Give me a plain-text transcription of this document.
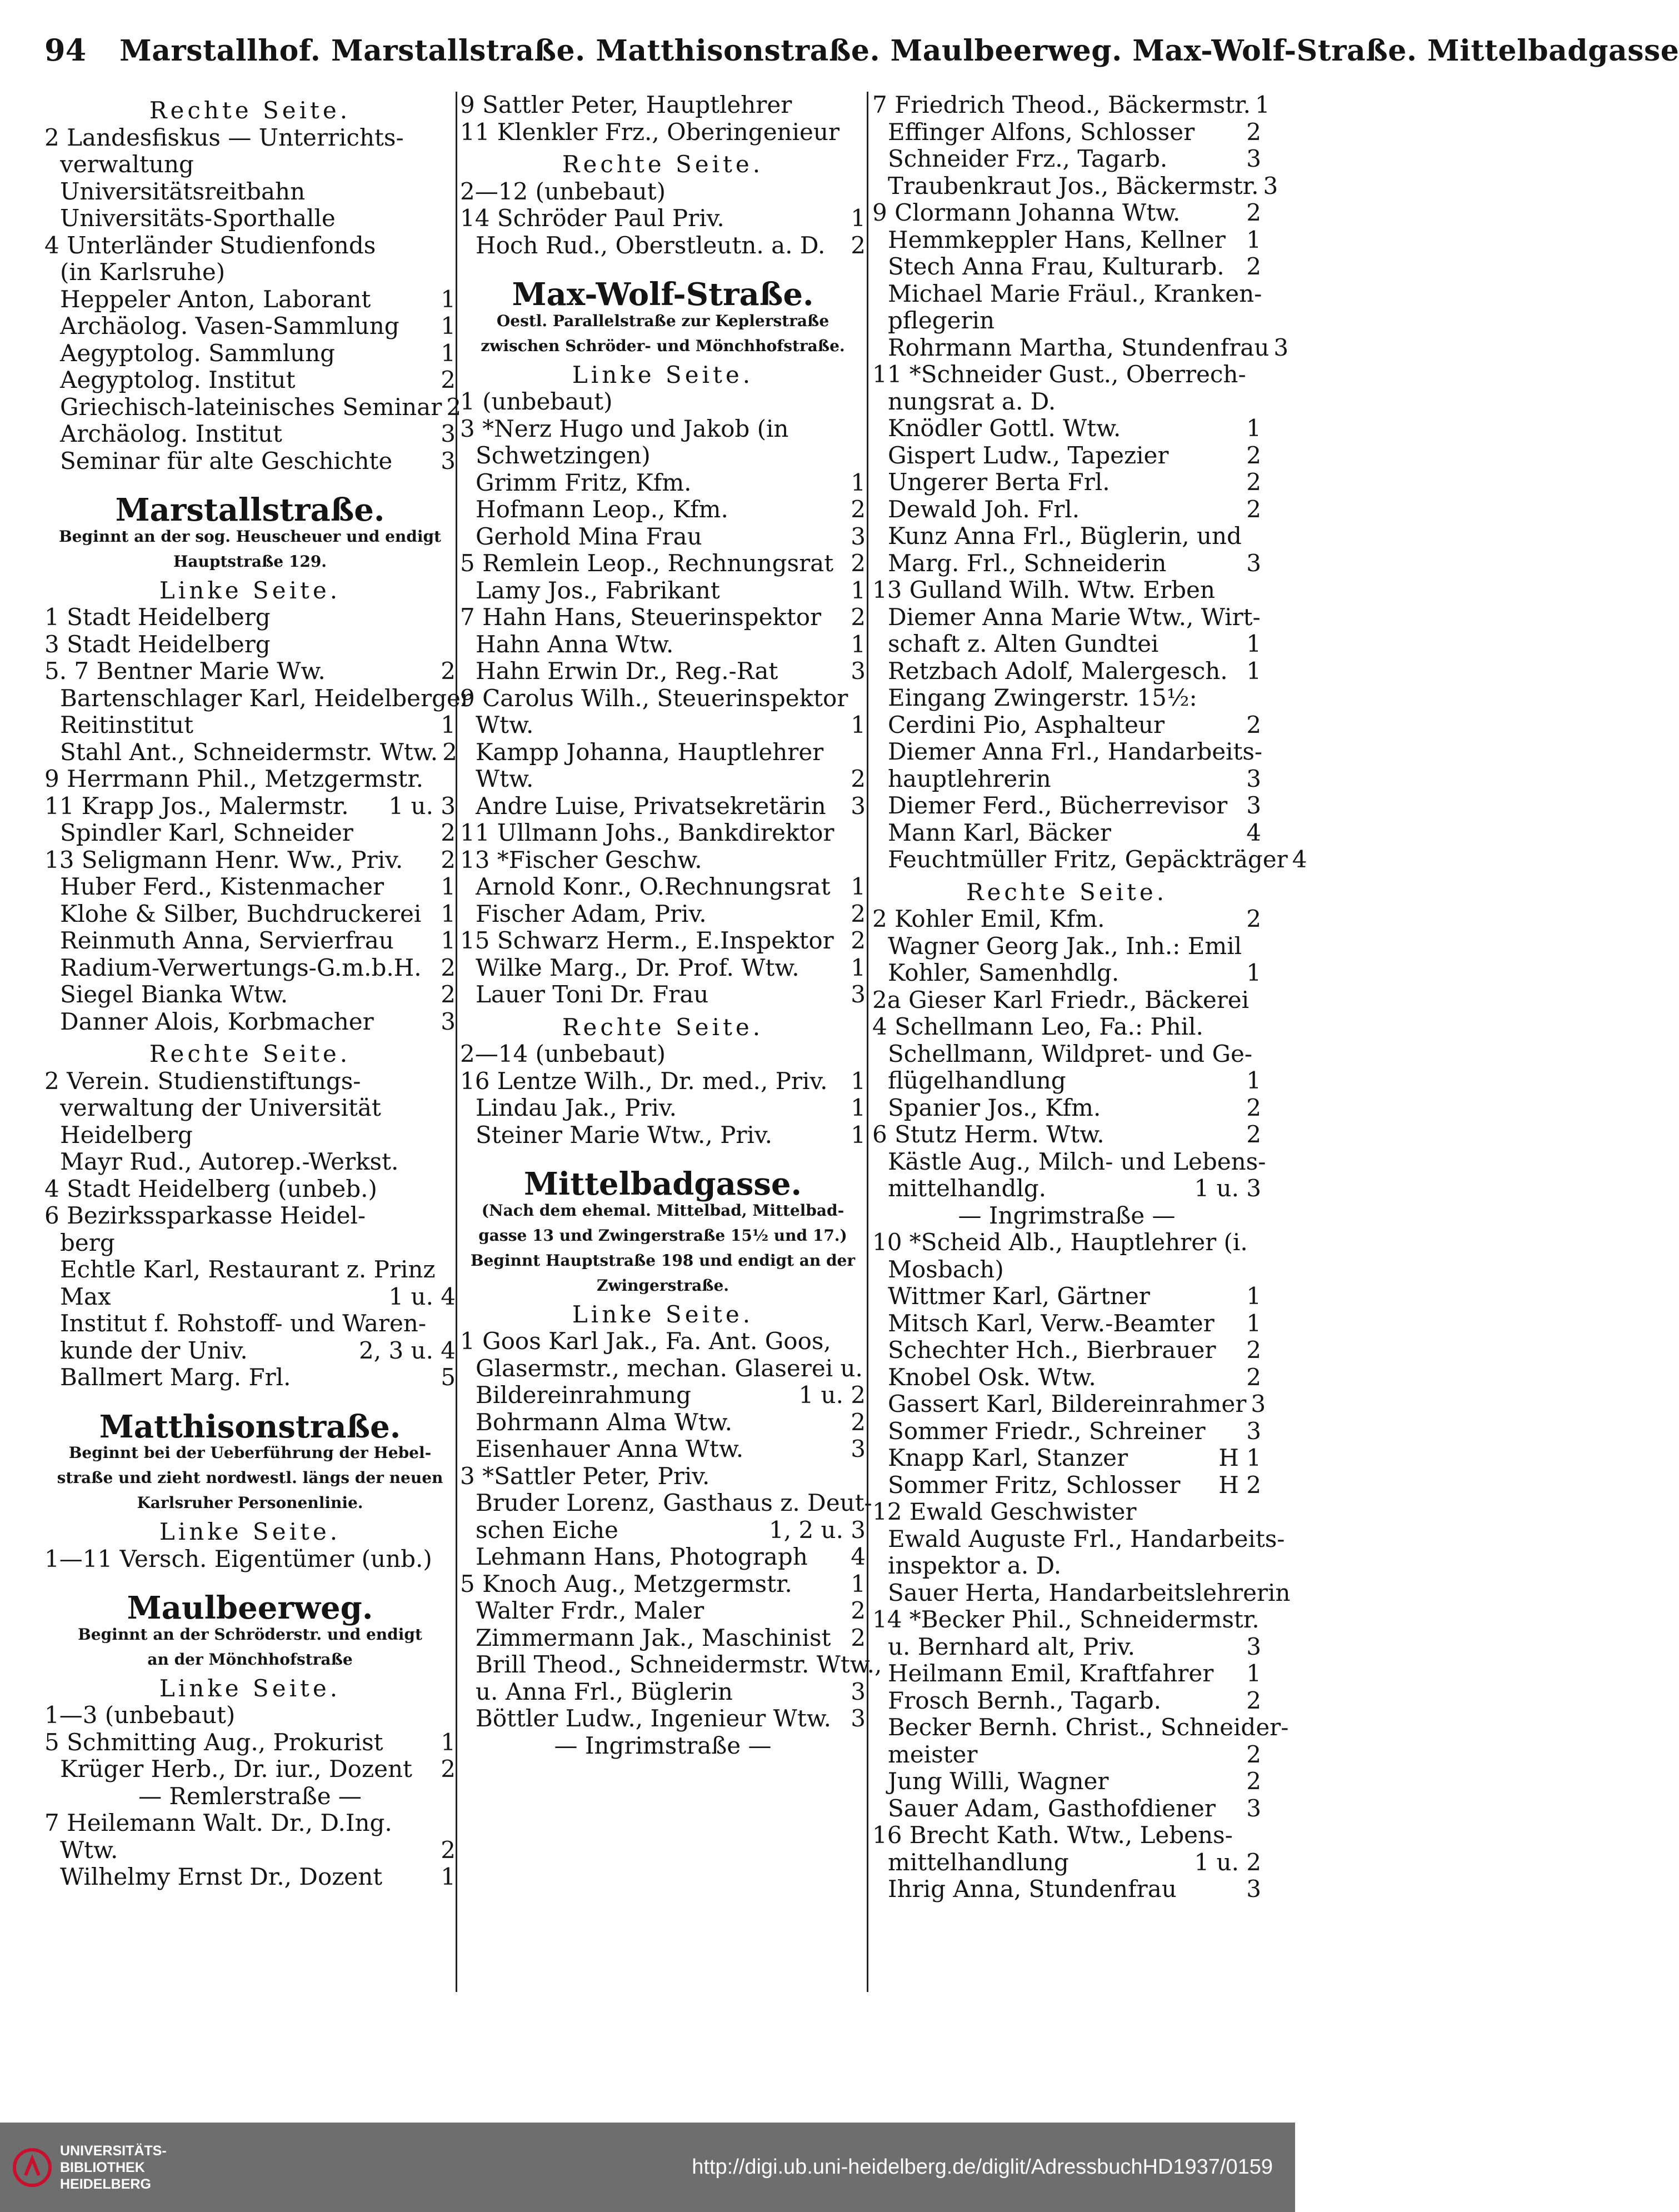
94 Marstallhof. Marstallstraße. Matthisonstraße. Maulbeerweg. Max-Wolf-Straße. Mittelbadgasse
Rechte Seite.
2 Landesfiskus — Unterrichts-
verwaltung
Universitätsreitbahn
Universitäts-Sporthalle
4 Unterländer Studienfonds
(in Karlsruhe)
Heppeler Anton, Laborant	1
Archäolog. Vasen-Sammlung	1
Aegyptolog. Sammlung	1
Aegyptolog. Institut	2
Griechisch-lateinisches Seminar 2
Archäolog. Institut	3
Seminar für alte Geschichte	3
Marstallstraße.
Beginnt an der sog. Heuscheuer und endigt
Hauptstraße 129.
Linke Seite.
1 Stadt Heidelberg
3 Stadt Heidelberg
5. 7 Bentner Marie Ww.	2
Bartenschlager Karl, Heidelberger
Reitinstitut	1
Stahl Ant., Schneidermstr. Wtw. 2
9 Herrmann Phil., Metzgermstr.
11 Krapp Jos., Malermstr.	1 u. 3
Spindler Karl, Schneider	2
13 Seligmann Henr. Ww., Priv.	2
Huber Ferd., Kistenmacher	1
Klohe & Silber, Buchdruckerei 1
Reinmuth Anna, Servierfrau	1
Radium-Verwertungs-G.m.b.H. 2
Siegel Bianka Wtw.	2
Danner Alois, Korbmacher	3
Rechte Seite.
2 Verein. Studienstiftungs-
verwaltung der Universität
Heidelberg
Mayr Rud., Autorep.-Werkst.
4 Stadt Heidelberg (unbeb.)
6 Bezirkssparkasse Heidel-
berg
Echtle Karl, Restaurant z. Prinz
Max	1 u. 4
Institut f. Rohstoff- und Waren-
kunde der Univ.	2, 3 u. 4
Ballmert Marg. Frl.	5
Matthisonstraße.
Beginnt bei der Ueberführung der Hebel-
straße und zieht nordwestl. längs der neuen
Karlsruher Personenlinie.
Linke Seite.
1—11 Versch. Eigentümer (unb.)
Maulbeerweg.
Beginnt an der Schröderstr. und endigt
an der Mönchhofstraße
Linke Seite.
1—3 (unbebaut)
5 Schmitting Aug., Prokurist	1
Krüger Herb., Dr. iur., Dozent	2
— Remlerstraße —
7 Heilemann Walt. Dr., D.Ing.
Wtw.	2
Wilhelmy Ernst Dr., Dozent	1
9 Sattler Peter, Hauptlehrer
11 Klenkler Frz., Oberingenieur
Rechte Seite.
2—12 (unbebaut)
14 Schröder Paul Priv.	1
Hoch Rud., Oberstleutn. a. D.	2
Max-Wolf-Straße.
Oestl. Parallelstraße zur Keplerstraße
zwischen Schröder- und Mönchhofstraße.
Linke Seite.
1 (unbebaut)
3 *Nerz Hugo und Jakob (in
Schwetzingen)
Grimm Fritz, Kfm.	1
Hofmann Leop., Kfm.	2
Gerhold Mina Frau	3
5 Remlein Leop., Rechnungsrat 2
Lamy Jos., Fabrikant	1
7 Hahn Hans, Steuerinspektor	2
Hahn Anna Wtw.	1
Hahn Erwin Dr., Reg.-Rat	3
9 Carolus Wilh., Steuerinspektor
Wtw.	1
Kampp Johanna, Hauptlehrer
Wtw.	2
Andre Luise, Privatsekretärin	3
11 Ullmann Johs., Bankdirektor
13 *Fischer Geschw.
Arnold Konr., O.Rechnungsrat 1
Fischer Adam, Priv.	2
15 Schwarz Herm., E.Inspektor 2
Wilke Marg., Dr. Prof. Wtw.	1
Lauer Toni Dr. Frau	3
Rechte Seite.
2—14 (unbebaut)
16 Lentze Wilh., Dr. med., Priv. 1
Lindau Jak., Priv.	1
Steiner Marie Wtw., Priv.	1
Mittelbadgasse.
(Nach dem ehemal. Mittelbad, Mittelbad-
gasse 13 und Zwingerstraße 15½ und 17.)
Beginnt Hauptstraße 198 und endigt an der
Zwingerstraße.
Linke Seite.
1 Goos Karl Jak., Fa. Ant. Goos,
Glasermstr., mechan. Glaserei u.
Bildereinrahmung	1 u. 2
Bohrmann Alma Wtw.	2
Eisenhauer Anna Wtw.	3
3 *Sattler Peter, Priv.
Bruder Lorenz, Gasthaus z. Deut-
schen Eiche	1, 2 u. 3
Lehmann Hans, Photograph	4
5 Knoch Aug., Metzgermstr.	1
Walter Frdr., Maler	2
Zimmermann Jak., Maschinist 2
Brill Theod., Schneidermstr. Wtw.,
u. Anna Frl., Büglerin	3
Böttler Ludw., Ingenieur Wtw. 3
— Ingrimstraße —
7 Friedrich Theod., Bäckermstr. 1
Effinger Alfons, Schlosser	2
Schneider Frz., Tagarb.	3
Traubenkraut Jos., Bäckermstr. 3
9 Clormann Johanna Wtw.	2
Hemmkeppler Hans, Kellner 1
Stech Anna Frau, Kulturarb. 2
Michael Marie Fräul., Kranken-
pflegerin
Rohrmann Martha, Stundenfrau 3
11 *Schneider Gust., Oberrech-
nungsrat a. D.
Knödler Gottl. Wtw.	1
Gispert Ludw., Tapezier	2
Ungerer Berta Frl.	2
Dewald Joh. Frl.	2
Kunz Anna Frl., Büglerin, und
Marg. Frl., Schneiderin	3
13 Gulland Wilh. Wtw. Erben
Diemer Anna Marie Wtw., Wirt-
schaft z. Alten Gundtei	1
Retzbach Adolf, Malergesch. 1
Eingang Zwingerstr. 15½:
Cerdini Pio, Asphalteur	2
Diemer Anna Frl., Handarbeits-
hauptlehrerin	3
Diemer Ferd., Bücherrevisor 3
Mann Karl, Bäcker	4
Feuchtmüller Fritz, Gepäckträger 4
Rechte Seite.
2 Kohler Emil, Kfm.	2
Wagner Georg Jak., Inh.: Emil
Kohler, Samenhdlg.	1
2a Gieser Karl Friedr., Bäckerei
4 Schellmann Leo, Fa.: Phil.
Schellmann, Wildpret- und Ge-
flügelhandlung	1
Spanier Jos., Kfm.	2
6 Stutz Herm. Wtw.	2
Kästle Aug., Milch- und Lebens-
mittelhandlg.	1 u. 3
— Ingrimstraße —
10 *Scheid Alb., Hauptlehrer (i.
Mosbach)
Wittmer Karl, Gärtner	1
Mitsch Karl, Verw.-Beamter	1
Schechter Hch., Bierbrauer	2
Knobel Osk. Wtw.	2
Gassert Karl, Bildereinrahmer 3
Sommer Friedr., Schreiner	3
Knapp Karl, Stanzer	H 1
Sommer Fritz, Schlosser	H 2
12 Ewald Geschwister
Ewald Auguste Frl., Handarbeits-
inspektor a. D.
Sauer Herta, Handarbeitslehrerin
14 *Becker Phil., Schneidermstr.
u. Bernhard alt, Priv.	3
Heilmann Emil, Kraftfahrer	1
Frosch Bernh., Tagarb.	2
Becker Bernh. Christ., Schneider-
meister	2
Jung Willi, Wagner	2
Sauer Adam, Gasthofdiener	3
16 Brecht Kath. Wtw., Lebens-
mittelhandlung	1 u. 2
Ihrig Anna, Stundenfrau	3
UNIVERSITÄTS-
BIBLIOTHEK
HEIDELBERG
http://digi.ub.uni-heidelberg.de/diglit/AdressbuchHD1937/0159
